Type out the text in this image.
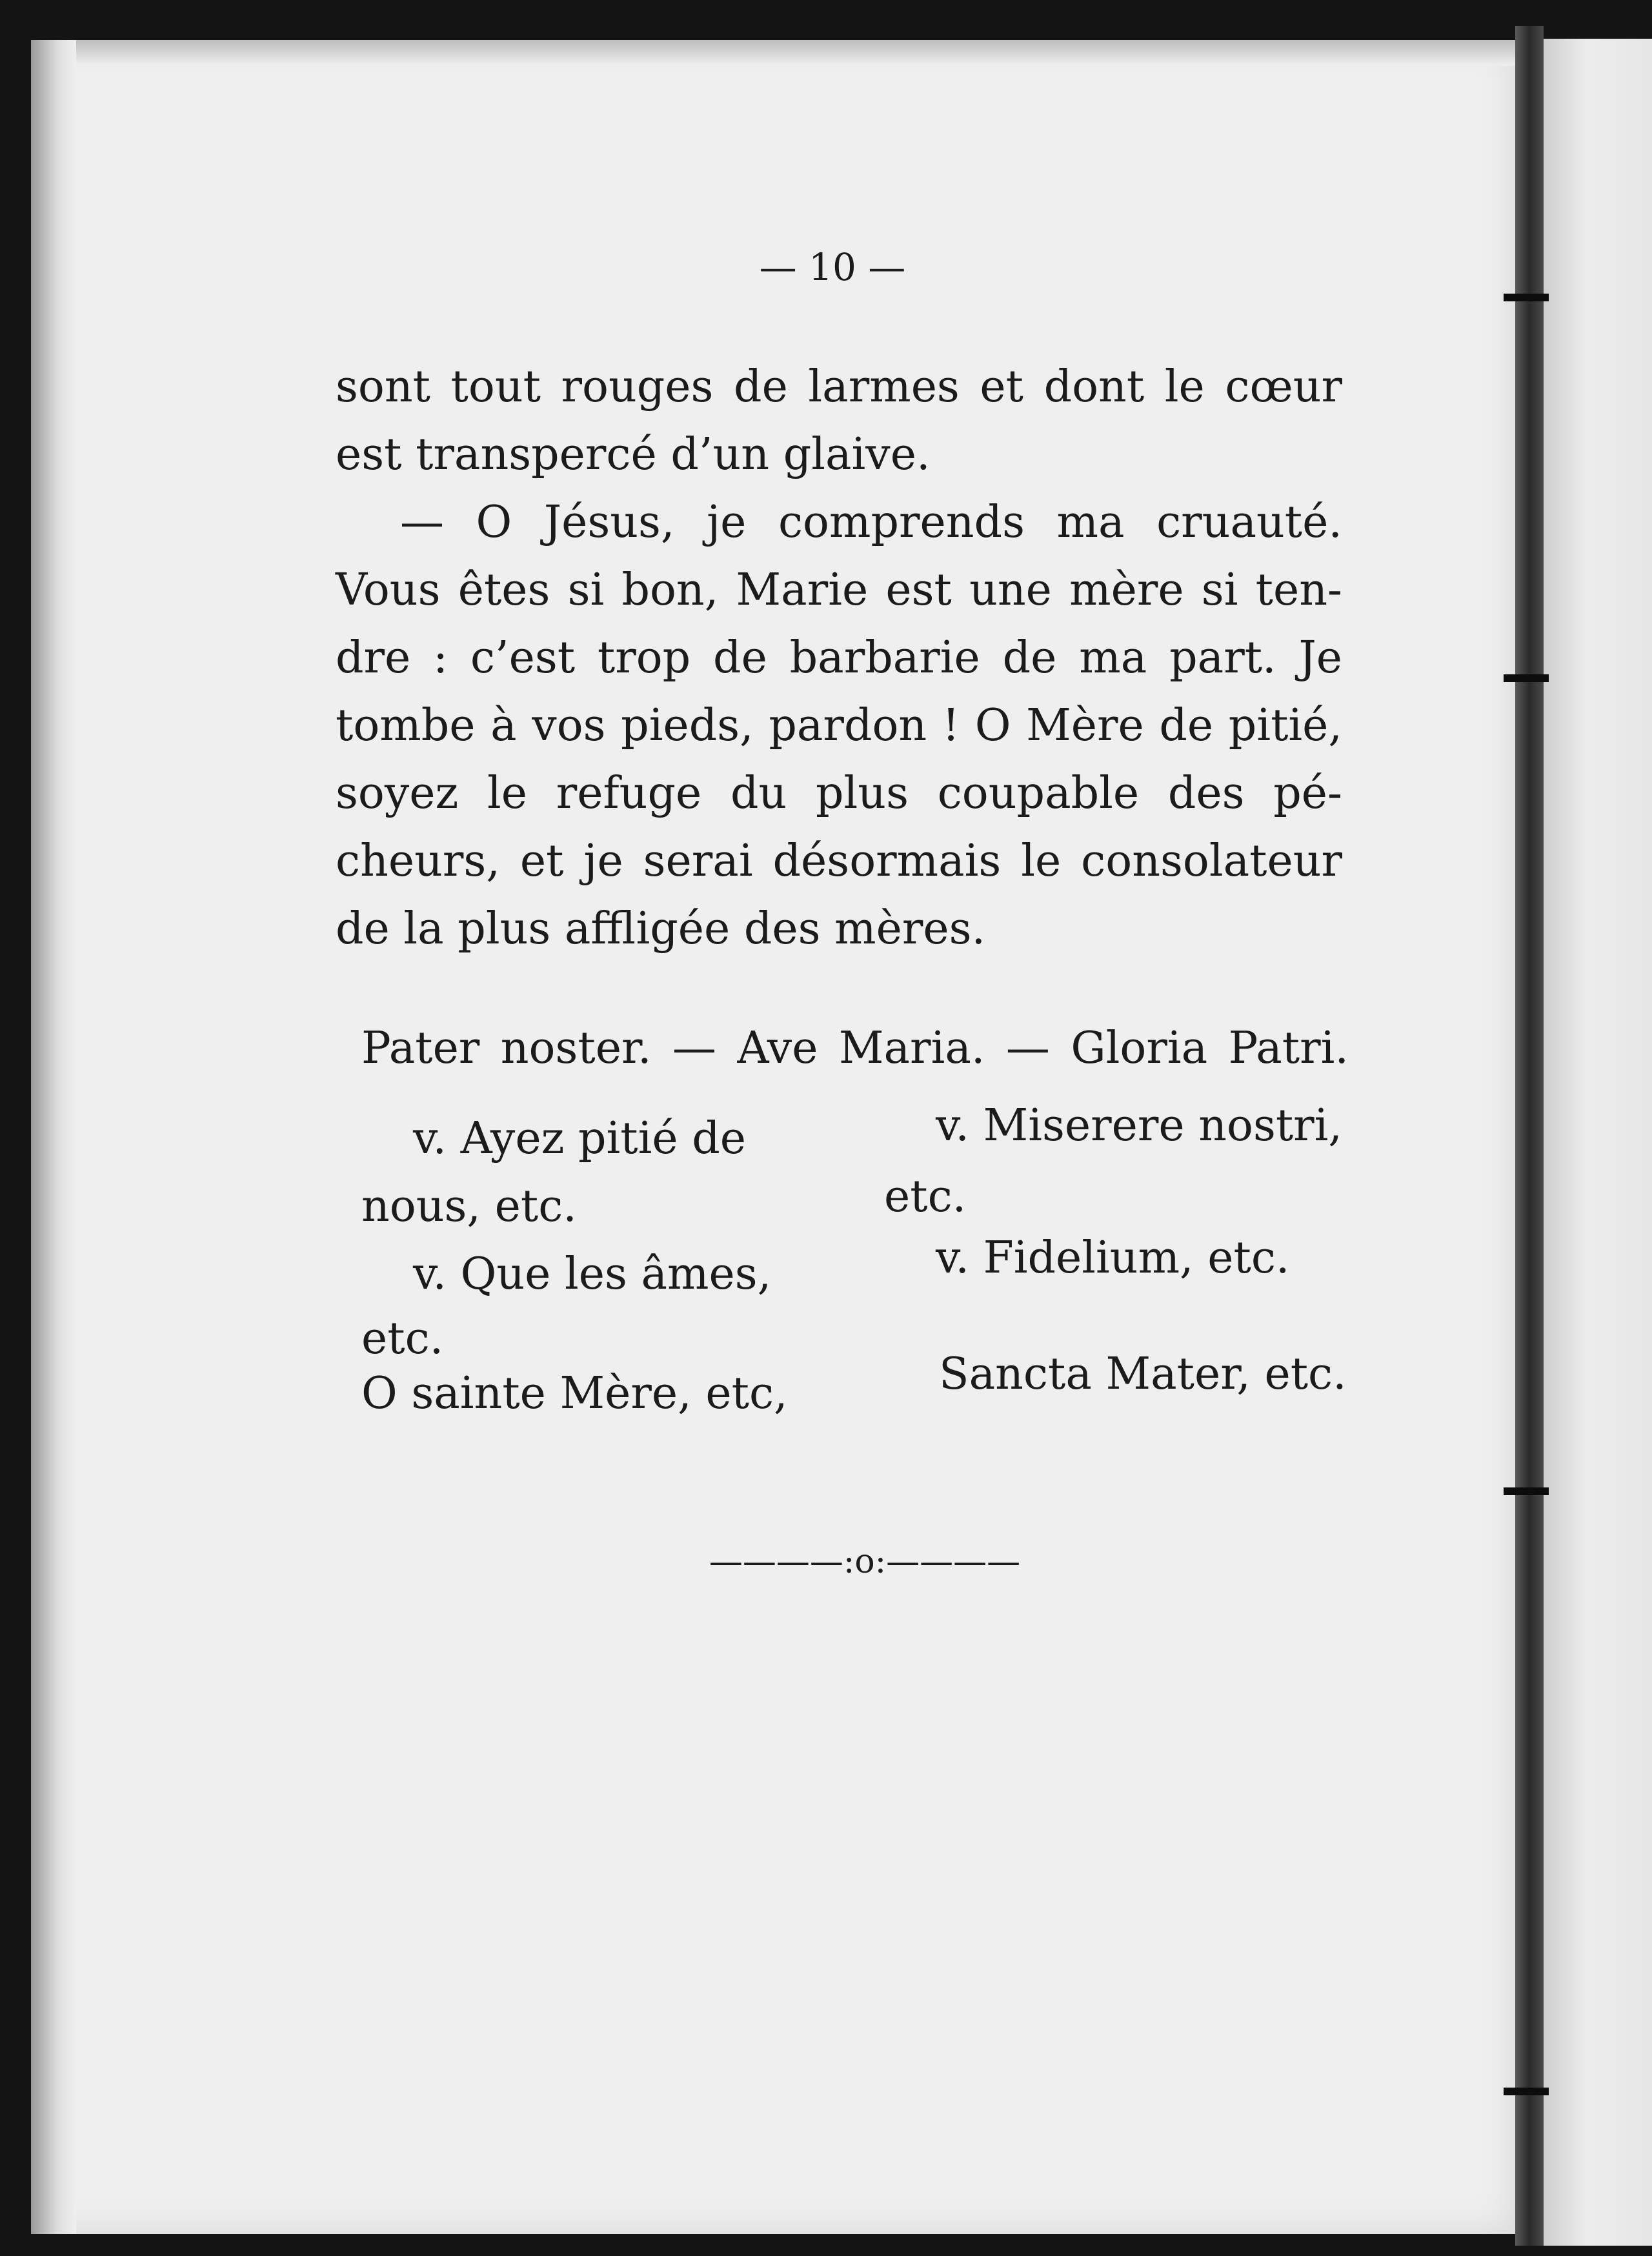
— 10 —
sont tout rouges de larmes et dont le cœur
est transpercé d’un glaive.
— O Jésus, je comprends ma cruauté.
Vous êtes si bon, Marie est une mère si ten-
dre : c’est trop de barbarie de ma part. Je
tombe à vos pieds, pardon ! O Mère de pitié,
soyez le refuge du plus coupable des pé-
cheurs, et je serai désormais le consolateur
de la plus affligée des mères.
Pater noster. — Ave Maria. — Gloria Patri.
v. Ayez pitié de
nous, etc.
v. Que les âmes,
etc.
O sainte Mère, etc,
v. Miserere nostri,
etc.
v. Fidelium, etc.
Sancta Mater, etc.
————:o:————
